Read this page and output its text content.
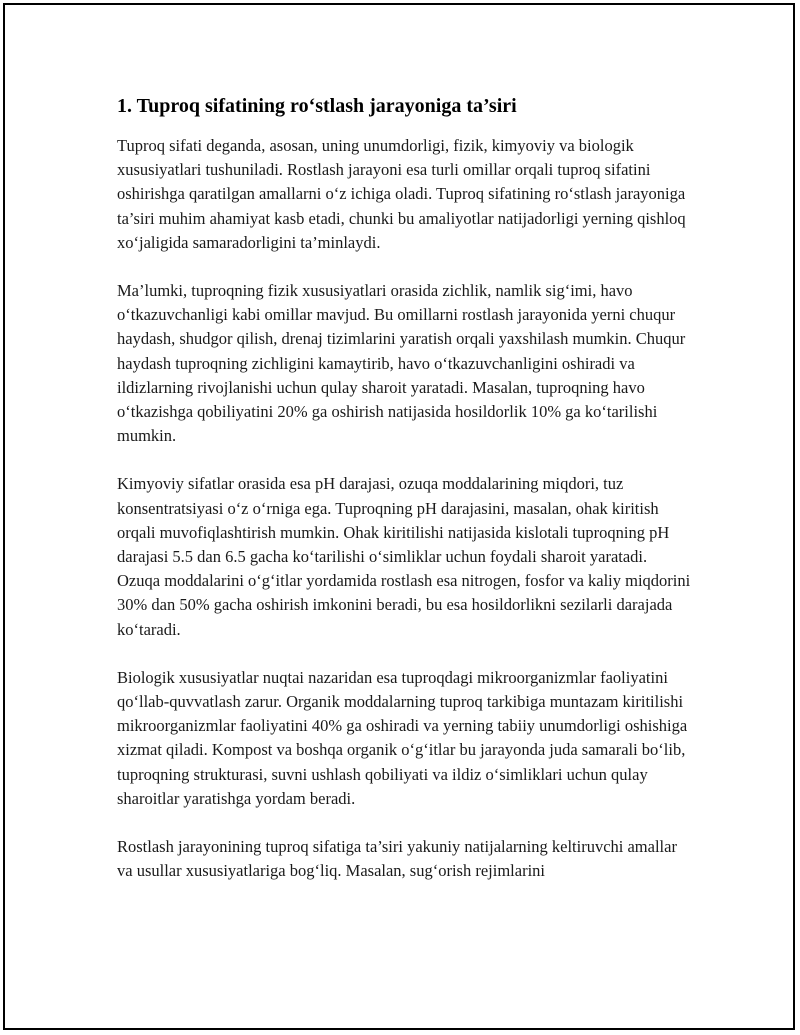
1. Tuproq sifatining ro‘stlash jarayoniga ta’siri

Tuproq sifati deganda, asosan, uning unumdorligi, fizik, kimyoviy va biologik xususiyatlari tushuniladi. Rostlash jarayoni esa turli omillar orqali tuproq sifatini oshirishga qaratilgan amallarni o‘z ichiga oladi. Tuproq sifatining ro‘stlash jarayoniga ta’siri muhim ahamiyat kasb etadi, chunki bu amaliyotlar natijadorligi yerning qishloq xo‘jaligida samaradorligini ta’minlaydi.

Ma’lumki, tuproqning fizik xususiyatlari orasida zichlik, namlik sig‘imi, havo o‘tkazuvchanligi kabi omillar mavjud. Bu omillarni rostlash jarayonida yerni chuqur haydash, shudgor qilish, drenaj tizimlarini yaratish orqali yaxshilash mumkin. Chuqur haydash tuproqning zichligini kamaytirib, havo o‘tkazuvchanligini oshiradi va ildizlarning rivojlanishi uchun qulay sharoit yaratadi. Masalan, tuproqning havo o‘tkazishga qobiliyatini 20% ga oshirish natijasida hosildorlik 10% ga ko‘tarilishi mumkin.

Kimyoviy sifatlar orasida esa pH darajasi, ozuqa moddalarining miqdori, tuz konsentratsiyasi o‘z o‘rniga ega. Tuproqning pH darajasini, masalan, ohak kiritish orqali muvofiqlashtirish mumkin. Ohak kiritilishi natijasida kislotali tuproqning pH darajasi 5.5 dan 6.5 gacha ko‘tarilishi o‘simliklar uchun foydali sharoit yaratadi. Ozuqa moddalarini o‘g‘itlar yordamida rostlash esa nitrogen, fosfor va kaliy miqdorini 30% dan 50% gacha oshirish imkonini beradi, bu esa hosildorlikni sezilarli darajada ko‘taradi.

Biologik xususiyatlar nuqtai nazaridan esa tuproqdagi mikroorganizmlar faoliyatini qo‘llab-quvvatlash zarur. Organik moddalarning tuproq tarkibiga muntazam kiritilishi mikroorganizmlar faoliyatini 40% ga oshiradi va yerning tabiiy unumdorligi oshishiga xizmat qiladi. Kompost va boshqa organik o‘g‘itlar bu jarayonda juda samarali bo‘lib, tuproqning strukturasi, suvni ushlash qobiliyati va ildiz o‘simliklari uchun qulay sharoitlar yaratishga yordam beradi.

Rostlash jarayonining tuproq sifatiga ta’siri yakuniy natijalarning keltiruvchi amallar va usullar xususiyatlariga bog‘liq. Masalan, sug‘orish rejimlarini
